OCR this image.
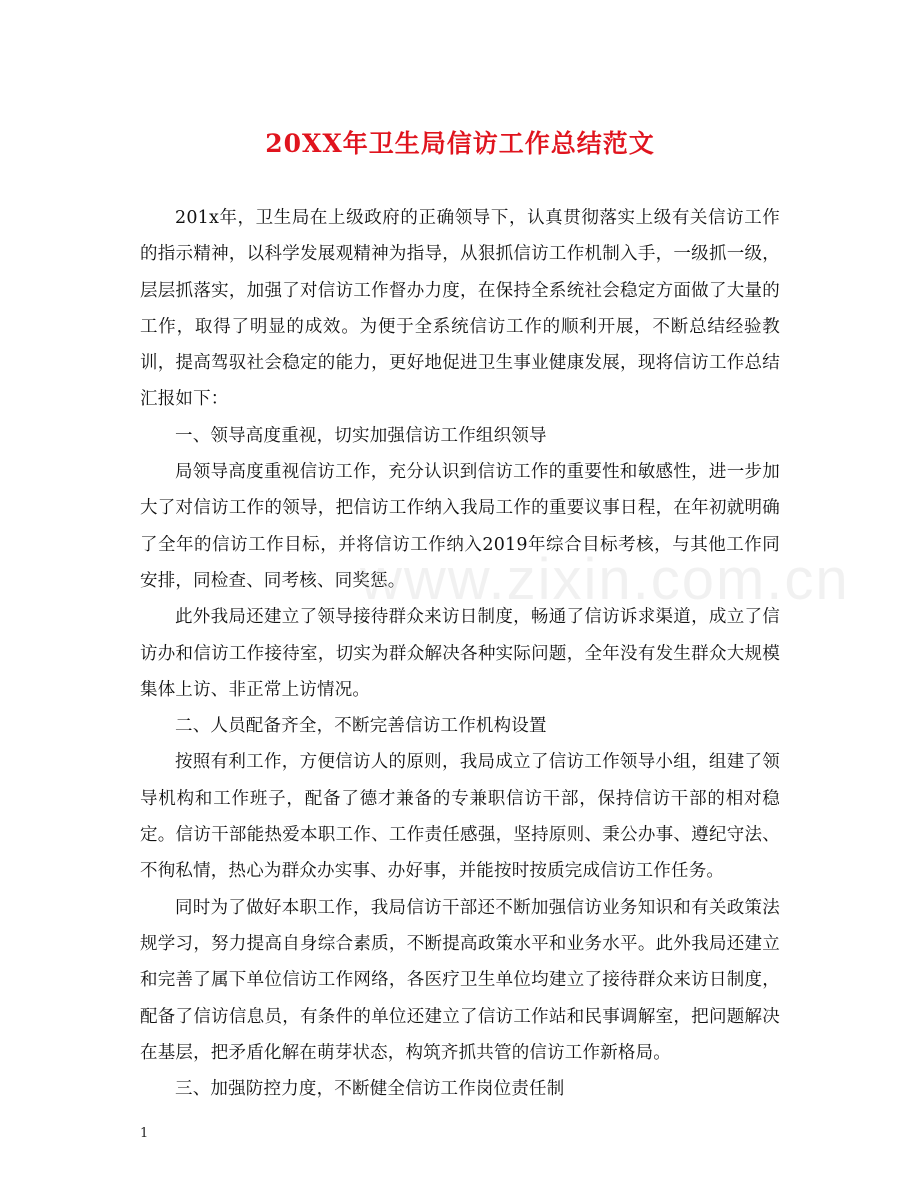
20XX年卫生局信访工作总结范文

201x年，卫生局在上级政府的正确领导下，认真贯彻落实上级有关信访工作的指示精神，以科学发展观精神为指导，从狠抓信访工作机制入手，一级抓一级，层层抓落实，加强了对信访工作督办力度，在保持全系统社会稳定方面做了大量的工作，取得了明显的成效。为便于全系统信访工作的顺利开展，不断总结经验教训，提高驾驭社会稳定的能力，更好地促进卫生事业健康发展，现将信访工作总结汇报如下：

一、领导高度重视，切实加强信访工作组织领导

局领导高度重视信访工作，充分认识到信访工作的重要性和敏感性，进一步加大了对信访工作的领导，把信访工作纳入我局工作的重要议事日程，在年初就明确了全年的信访工作目标，并将信访工作纳入2019年综合目标考核，与其他工作同安排，同检查、同考核、同奖惩。

此外我局还建立了领导接待群众来访日制度，畅通了信访诉求渠道，成立了信访办和信访工作接待室，切实为群众解决各种实际问题，全年没有发生群众大规模集体上访、非正常上访情况。

二、人员配备齐全，不断完善信访工作机构设置

按照有利工作，方便信访人的原则，我局成立了信访工作领导小组，组建了领导机构和工作班子，配备了德才兼备的专兼职信访干部，保持信访干部的相对稳定。信访干部能热爱本职工作、工作责任感强，坚持原则、秉公办事、遵纪守法、不徇私情，热心为群众办实事、办好事，并能按时按质完成信访工作任务。

同时为了做好本职工作，我局信访干部还不断加强信访业务知识和有关政策法规学习，努力提高自身综合素质，不断提高政策水平和业务水平。此外我局还建立和完善了属下单位信访工作网络，各医疗卫生单位均建立了接待群众来访日制度，配备了信访信息员，有条件的单位还建立了信访工作站和民事调解室，把问题解决在基层，把矛盾化解在萌芽状态，构筑齐抓共管的信访工作新格局。

三、加强防控力度，不断健全信访工作岗位责任制

www.zixin.com.cn
1
